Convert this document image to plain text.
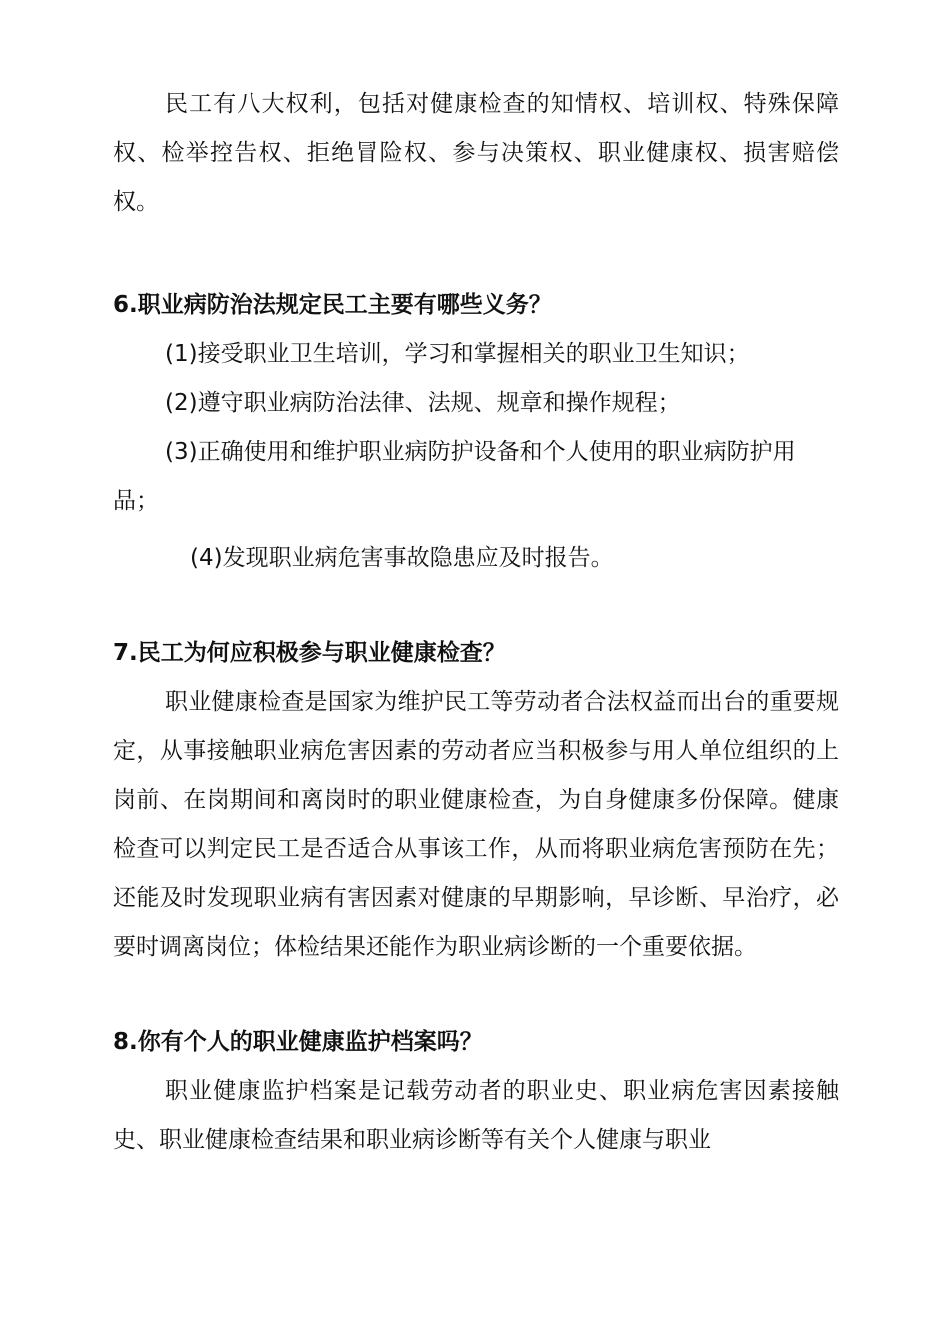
民工有八大权利，包括对健康检查的知情权、培训权、特殊保障权、检举控告权、拒绝冒险权、参与决策权、职业健康权、损害赔偿权。

6.职业病防治法规定民工主要有哪些义务？

(1)接受职业卫生培训，学习和掌握相关的职业卫生知识；

(2)遵守职业病防治法律、法规、规章和操作规程；

(3)正确使用和维护职业病防护设备和个人使用的职业病防护用品；

(4)发现职业病危害事故隐患应及时报告。

7.民工为何应积极参与职业健康检查？

职业健康检查是国家为维护民工等劳动者合法权益而出台的重要规定，从事接触职业病危害因素的劳动者应当积极参与用人单位组织的上岗前、在岗期间和离岗时的职业健康检查，为自身健康多份保障。健康检查可以判定民工是否适合从事该工作，从而将职业病危害预防在先；还能及时发现职业病有害因素对健康的早期影响，早诊断、早治疗，必要时调离岗位；体检结果还能作为职业病诊断的一个重要依据。

8.你有个人的职业健康监护档案吗？

职业健康监护档案是记载劳动者的职业史、职业病危害因素接触史、职业健康检查结果和职业病诊断等有关个人健康与职业
